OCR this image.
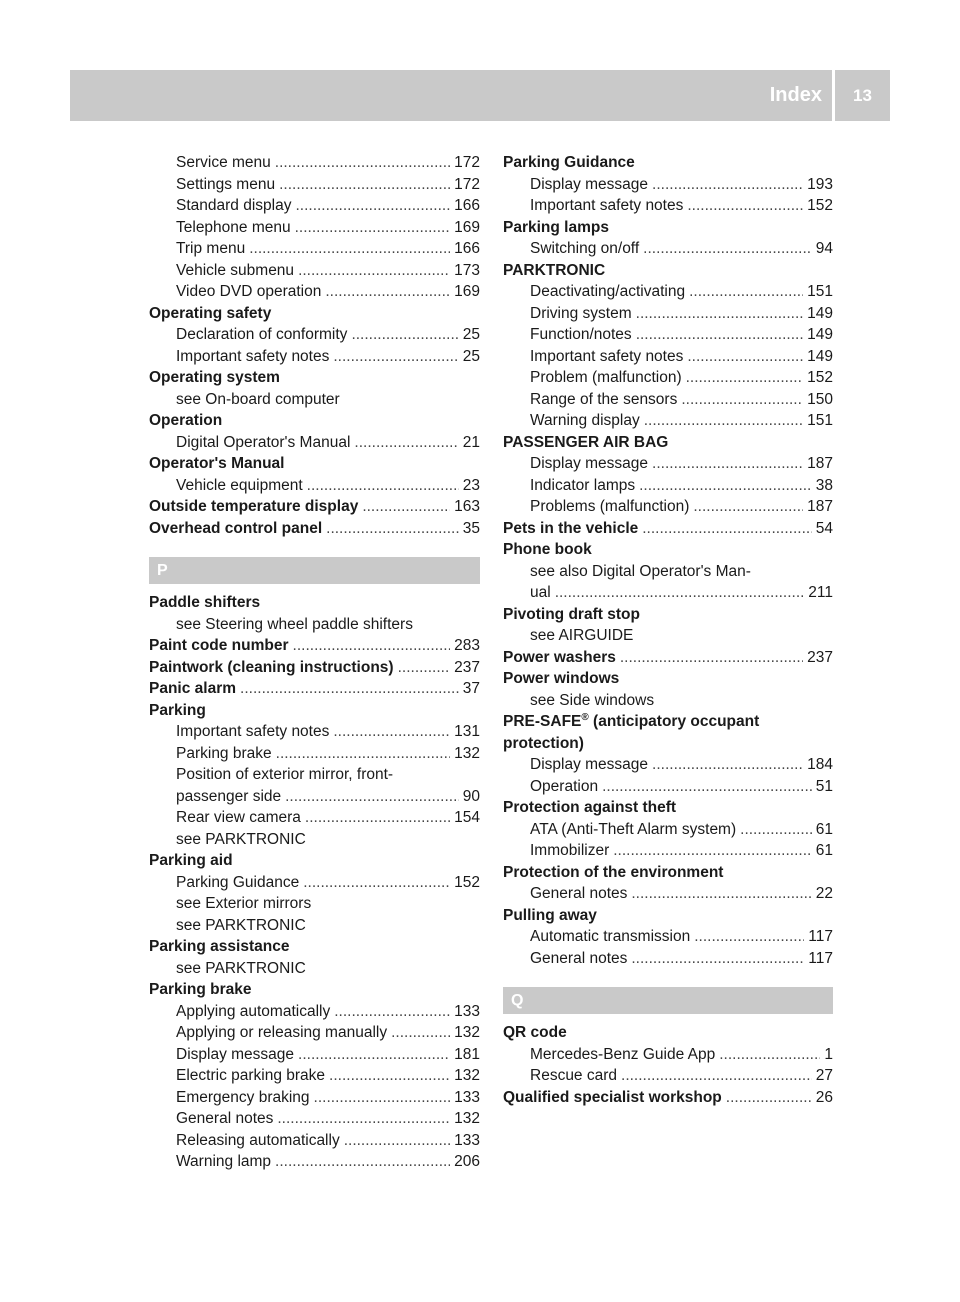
Index	13
Service menu .....	172
Settings menu .....	172
Standard display .....	166
Telephone menu .....	169
Trip menu .....	166
Vehicle submenu .....	173
Video DVD operation .....	169
Operating safety
Declaration of conformity .....	25
Important safety notes .....	25
Operating system
see On-board computer
Operation
Digital Operator's Manual .....	21
Operator's Manual
Vehicle equipment .....	23
Outside temperature display .....	163
Overhead control panel .....	35
P
Paddle shifters
see Steering wheel paddle shifters
Paint code number .....	283
Paintwork (cleaning instructions) .....	237
Panic alarm .....	37
Parking
Important safety notes .....	131
Parking brake .....	132
Position of exterior mirror, front-
passenger side .....	90
Rear view camera .....	154
see PARKTRONIC
Parking aid
Parking Guidance .....	152
see Exterior mirrors
see PARKTRONIC
Parking assistance
see PARKTRONIC
Parking brake
Applying automatically .....	133
Applying or releasing manually .....	132
Display message .....	181
Electric parking brake .....	132
Emergency braking .....	133
General notes .....	132
Releasing automatically .....	133
Warning lamp .....	206
Parking Guidance
Display message .....	193
Important safety notes .....	152
Parking lamps
Switching on/off .....	94
PARKTRONIC
Deactivating/activating .....	151
Driving system .....	149
Function/notes .....	149
Important safety notes .....	149
Problem (malfunction) .....	152
Range of the sensors .....	150
Warning display .....	151
PASSENGER AIR BAG
Display message .....	187
Indicator lamps .....	38
Problems (malfunction) .....	187
Pets in the vehicle .....	54
Phone book
see also Digital Operator's Man-
ual .....	211
Pivoting draft stop
see AIRGUIDE
Power washers .....	237
Power windows
see Side windows
PRE-SAFE® (anticipatory occupant
protection)
Display message .....	184
Operation .....	51
Protection against theft
ATA (Anti-Theft Alarm system) .....	61
Immobilizer .....	61
Protection of the environment
General notes .....	22
Pulling away
Automatic transmission .....	117
General notes .....	117
Q
QR code
Mercedes-Benz Guide App .....	1
Rescue card .....	27
Qualified specialist workshop .....	26
